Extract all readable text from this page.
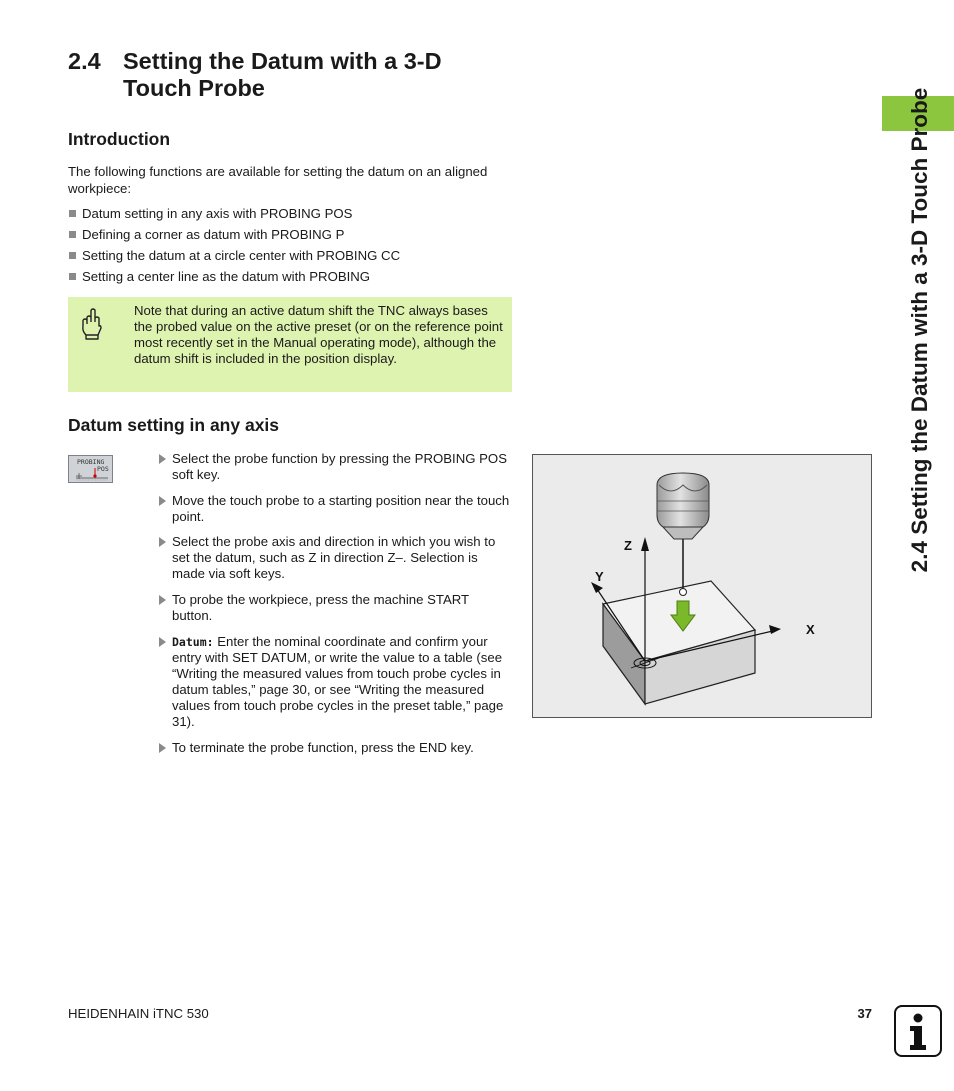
2.4 Setting the Datum with a 3-D
Touch Probe
Introduction
The following functions are available for setting the datum on an aligned workpiece:
Datum setting in any axis with PROBING POS
Defining a corner as datum with PROBING P
Setting the datum at a circle center with PROBING CC
Setting a center line as the datum with PROBING
Note that during an active datum shift the TNC always bases the probed value on the active preset (or on the reference point most recently set in the Manual operating mode), although the datum shift is included in the position display.
Datum setting in any axis
PROBING
POS
Select the probe function by pressing the PROBING POS soft key.
Move the touch probe to a starting position near the touch point.
Select the probe axis and direction in which you wish to set the datum, such as Z in direction Z–. Selection is made via soft keys.
To probe the workpiece, press the machine START button.
Datum: Enter the nominal coordinate and confirm your entry with SET DATUM, or write the value to a table (see “Writing the measured values from touch probe cycles in datum tables,” page 30, or see “Writing the measured values from touch probe cycles in the preset table,” page 31).
To terminate the probe function, press the END key.
Z
Y
X
2.4 Setting the Datum with a 3-D Touch Probe
HEIDENHAIN iTNC 530	37
